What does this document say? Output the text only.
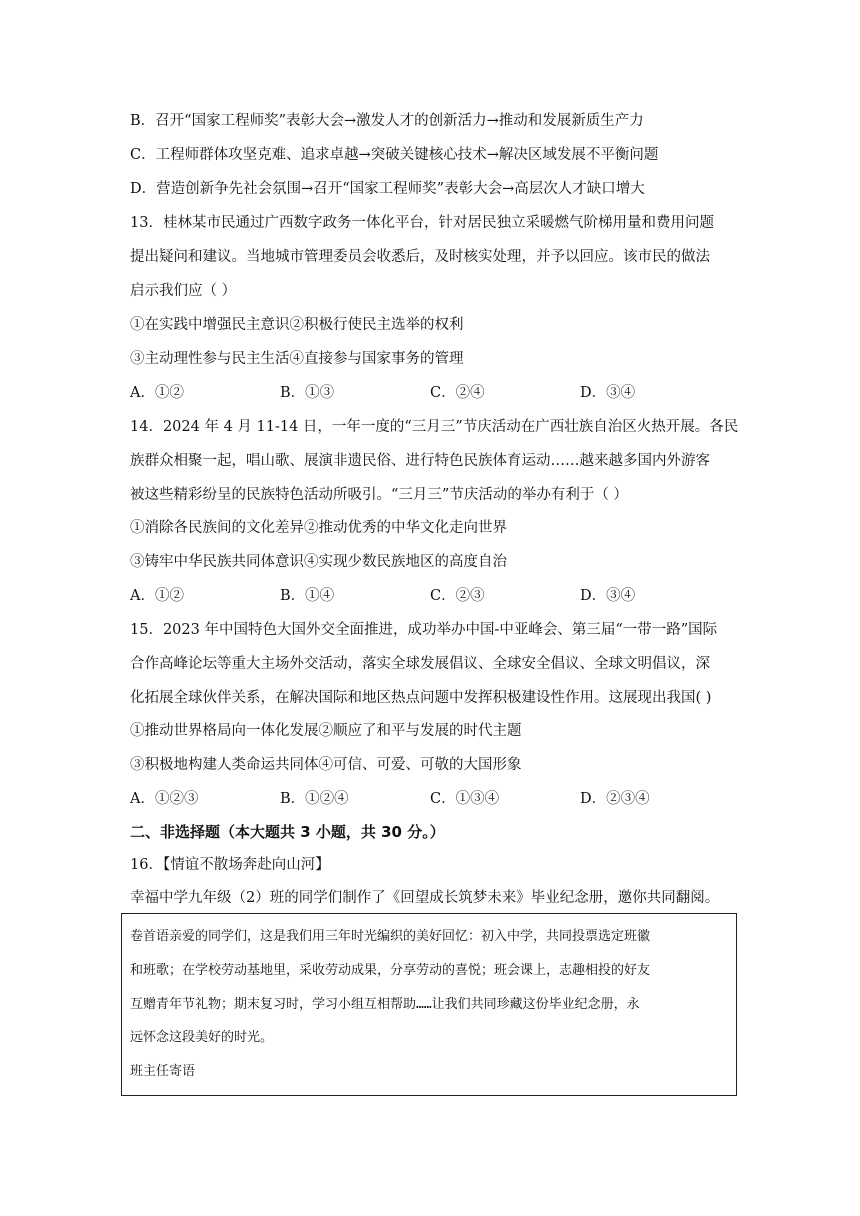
B．召开“国家工程师奖”表彰大会→激发人才的创新活力→推动和发展新质生产力
C．工程师群体攻坚克难、追求卓越→突破关键核心技术→解决区域发展不平衡问题
D．营造创新争先社会氛围→召开“国家工程师奖”表彰大会→高层次人才缺口增大
13．桂林某市民通过广西数字政务一体化平台，针对居民独立采暖燃气阶梯用量和费用问题
提出疑问和建议。当地城市管理委员会收悉后，及时核实处理，并予以回应。该市民的做法
启示我们应（ ）
①在实践中增强民主意识②积极行使民主选举的权利
③主动理性参与民主生活④直接参与国家事务的管理
A．①②	B．①③	C．②④	D．③④
14．2024 年 4 月 11-14 日，一年一度的“三月三”节庆活动在广西壮族自治区火热开展。各民
族群众相聚一起，唱山歌、展演非遗民俗、进行特色民族体育运动……越来越多国内外游客
被这些精彩纷呈的民族特色活动所吸引。“三月三”节庆活动的举办有利于（ ）
①消除各民族间的文化差异②推动优秀的中华文化走向世界
③铸牢中华民族共同体意识④实现少数民族地区的高度自治
A．①②	B．①④	C．②③	D．③④
15．2023 年中国特色大国外交全面推进，成功举办中国-中亚峰会、第三届“一带一路”国际
合作高峰论坛等重大主场外交活动，落实全球发展倡议、全球安全倡议、全球文明倡议，深
化拓展全球伙伴关系，在解决国际和地区热点问题中发挥积极建设性作用。这展现出我国( )
①推动世界格局向一体化发展②顺应了和平与发展的时代主题
③积极地构建人类命运共同体④可信、可爱、可敬的大国形象
A．①②③	B．①②④	C．①③④	D．②③④
二、非选择题（本大题共 3 小题，共 30 分。）
16．【情谊不散场奔赴向山河】
幸福中学九年级（2）班的同学们制作了《回望成长筑梦未来》毕业纪念册，邀你共同翻阅。
卷首语亲爱的同学们，这是我们用三年时光编织的美好回忆：初入中学，共同投票选定班徽
和班歌；在学校劳动基地里，采收劳动成果，分享劳动的喜悦；班会课上，志趣相投的好友
互赠青年节礼物；期末复习时，学习小组互相帮助……让我们共同珍藏这份毕业纪念册，永
远怀念这段美好的时光。
班主任寄语
